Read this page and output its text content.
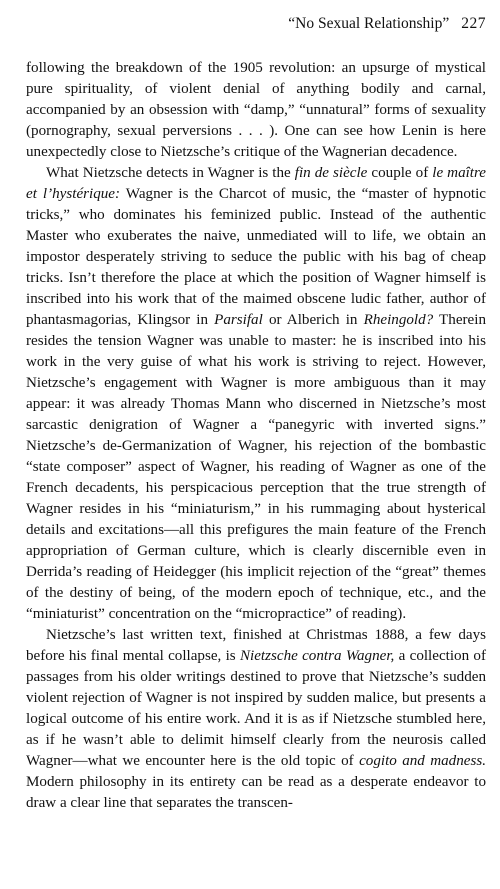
“No Sexual Relationship” 227

following the breakdown of the 1905 revolution: an upsurge of mystical pure spirituality, of violent denial of anything bodily and carnal, accompanied by an obsession with “damp,” “unnatural” forms of sexuality (pornography, sexual perversions . . . ). One can see how Lenin is here unexpectedly close to Nietzsche’s critique of the Wagnerian decadence.

What Nietzsche detects in Wagner is the fin de siècle couple of le maître et l’hystérique: Wagner is the Charcot of music, the “master of hypnotic tricks,” who dominates his feminized public. Instead of the authentic Master who exuberates the naive, unmediated will to life, we obtain an impostor desperately striving to seduce the public with his bag of cheap tricks. Isn’t therefore the place at which the position of Wagner himself is inscribed into his work that of the maimed obscene ludic father, author of phantasmagorias, Klingsor in Parsifal or Alberich in Rheingold? Therein resides the tension Wagner was unable to master: he is inscribed into his work in the very guise of what his work is striving to reject. However, Nietzsche’s engagement with Wagner is more ambiguous than it may appear: it was already Thomas Mann who discerned in Nietzsche’s most sarcastic denigration of Wagner a “panegyric with inverted signs.” Nietzsche’s de-Germanization of Wagner, his rejection of the bombastic “state composer” aspect of Wagner, his reading of Wagner as one of the French decadents, his perspicacious perception that the true strength of Wagner resides in his “miniaturism,” in his rummaging about hysterical details and excitations—all this prefigures the main feature of the French appropriation of German culture, which is clearly discernible even in Derrida’s reading of Heidegger (his implicit rejection of the “great” themes of the destiny of being, of the modern epoch of technique, etc., and the “miniaturist” concentration on the “micropractice” of reading).

Nietzsche’s last written text, finished at Christmas 1888, a few days before his final mental collapse, is Nietzsche contra Wagner, a collection of passages from his older writings destined to prove that Nietzsche’s sudden violent rejection of Wagner is not inspired by sudden malice, but presents a logical outcome of his entire work. And it is as if Nietzsche stumbled here, as if he wasn’t able to delimit himself clearly from the neurosis called Wagner—what we encounter here is the old topic of cogito and madness. Modern philosophy in its entirety can be read as a desperate endeavor to draw a clear line that separates the transcen-
